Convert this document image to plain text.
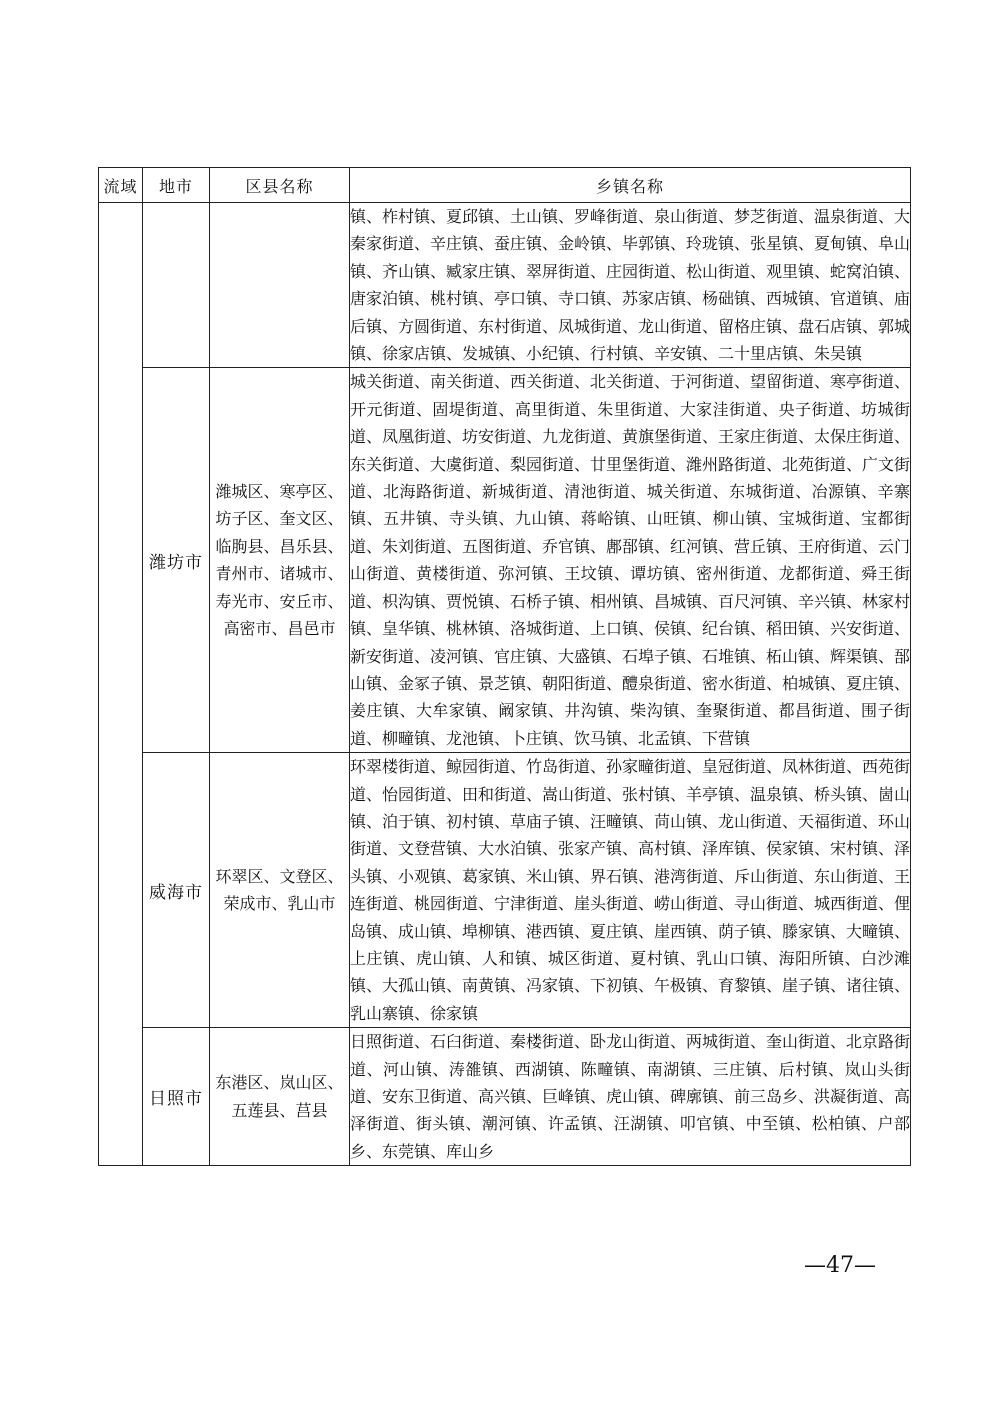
流域	地市	区县名称	乡镇名称
			镇、柞村镇、夏邱镇、土山镇、罗峰街道、泉山街道、梦芝街道、温泉街道、大秦家街道、辛庄镇、蚕庄镇、金岭镇、毕郭镇、玲珑镇、张星镇、夏甸镇、阜山镇、齐山镇、臧家庄镇、翠屏街道、庄园街道、松山街道、观里镇、蛇窝泊镇、唐家泊镇、桃村镇、亭口镇、寺口镇、苏家店镇、杨础镇、西城镇、官道镇、庙后镇、方圆街道、东村街道、凤城街道、龙山街道、留格庄镇、盘石店镇、郭城镇、徐家店镇、发城镇、小纪镇、行村镇、辛安镇、二十里店镇、朱吴镇
	潍坊市	潍城区、寒亭区、坊子区、奎文区、临朐县、昌乐县、青州市、诸城市、寿光市、安丘市、高密市、昌邑市	城关街道、南关街道、西关街道、北关街道、于河街道、望留街道、寒亭街道、开元街道、固堤街道、高里街道、朱里街道、大家洼街道、央子街道、坊城街道、凤凰街道、坊安街道、九龙街道、黄旗堡街道、王家庄街道、太保庄街道、东关街道、大虞街道、梨园街道、廿里堡街道、潍州路街道、北苑街道、广文街道、北海路街道、新城街道、清池街道、城关街道、东城街道、冶源镇、辛寨镇、五井镇、寺头镇、九山镇、蒋峪镇、山旺镇、柳山镇、宝城街道、宝都街道、朱刘街道、五图街道、乔官镇、鄌郚镇、红河镇、营丘镇、王府街道、云门山街道、黄楼街道、弥河镇、王坟镇、谭坊镇、密州街道、龙都街道、舜王街道、枳沟镇、贾悦镇、石桥子镇、相州镇、昌城镇、百尺河镇、辛兴镇、林家村镇、皇华镇、桃林镇、洛城街道、上口镇、侯镇、纪台镇、稻田镇、兴安街道、新安街道、凌河镇、官庄镇、大盛镇、石埠子镇、石堆镇、柘山镇、辉渠镇、郚山镇、金冢子镇、景芝镇、朝阳街道、醴泉街道、密水街道、柏城镇、夏庄镇、姜庄镇、大牟家镇、阚家镇、井沟镇、柴沟镇、奎聚街道、都昌街道、围子街道、柳疃镇、龙池镇、卜庄镇、饮马镇、北孟镇、下营镇
	威海市	环翠区、文登区、荣成市、乳山市	环翠楼街道、鲸园街道、竹岛街道、孙家疃街道、皇冠街道、凤林街道、西苑街道、怡园街道、田和街道、嵩山街道、张村镇、羊亭镇、温泉镇、桥头镇、崮山镇、泊于镇、初村镇、草庙子镇、汪疃镇、苘山镇、龙山街道、天福街道、环山街道、文登营镇、大水泊镇、张家产镇、高村镇、泽库镇、侯家镇、宋村镇、泽头镇、小观镇、葛家镇、米山镇、界石镇、港湾街道、斥山街道、东山街道、王连街道、桃园街道、宁津街道、崖头街道、崂山街道、寻山街道、城西街道、俚岛镇、成山镇、埠柳镇、港西镇、夏庄镇、崖西镇、荫子镇、滕家镇、大疃镇、上庄镇、虎山镇、人和镇、城区街道、夏村镇、乳山口镇、海阳所镇、白沙滩镇、大孤山镇、南黄镇、冯家镇、下初镇、午极镇、育黎镇、崖子镇、诸往镇、乳山寨镇、徐家镇
	日照市	东港区、岚山区、五莲县、莒县	日照街道、石臼街道、秦楼街道、卧龙山街道、两城街道、奎山街道、北京路街道、河山镇、涛雒镇、西湖镇、陈疃镇、南湖镇、三庄镇、后村镇、岚山头街道、安东卫街道、高兴镇、巨峰镇、虎山镇、碑廓镇、前三岛乡、洪凝街道、高泽街道、街头镇、潮河镇、许孟镇、汪湖镇、叩官镇、中至镇、松柏镇、户部乡、东莞镇、库山乡
—47—
